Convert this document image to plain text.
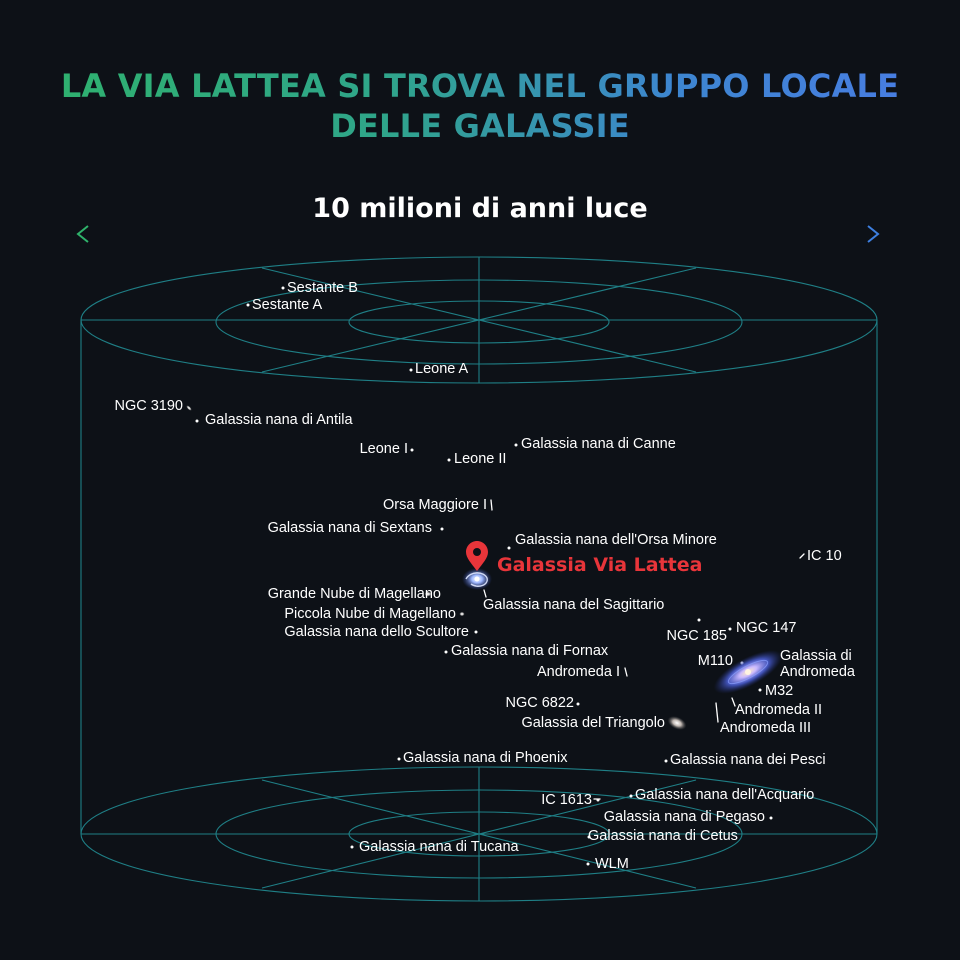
LA VIA LATTEA SI TROVA NEL GRUPPO LOCALE
DELLE GALASSIE
10 milioni di anni luce
Galassia Via Lattea
Sestante B
Sestante A
Leone A
NGC 3190
Galassia nana di Antila
Leone I
Leone II
Galassia nana di Canne
Orsa Maggiore I
Galassia nana di Sextans
Galassia nana dell'Orsa Minore
IC 10
Grande Nube di Magellano
Piccola Nube di Magellano
Galassia nana del Sagittario
Galassia nana dello Scultore	NGC 185 NGC 147
Galassia nana di Fornax
Andromeda I
M110	Galassia di
Andromeda
M32
NGC 6822	Andromeda II
Galassia del Triangolo	Andromeda III
Galassia nana di Phoenix	Galassia nana dei Pesci
IC 1613	Galassia nana dell'Acquario
Galassia nana di Pegaso
Galassia nana di Cetus
Galassia nana di Tucana
WLM
